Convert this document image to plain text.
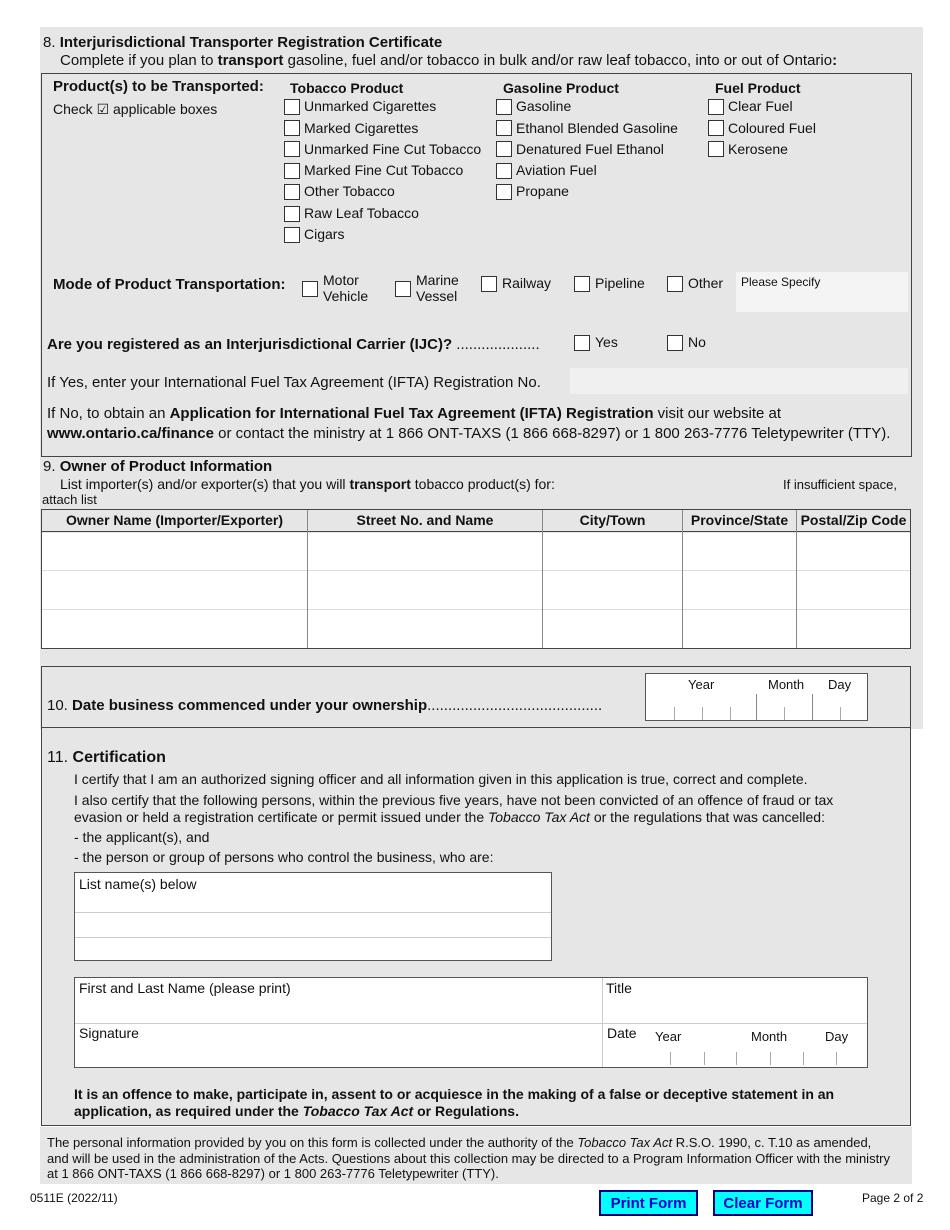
8. Interjurisdictional Transporter Registration Certificate
Complete if you plan to transport gasoline, fuel and/or tobacco in bulk and/or raw leaf tobacco, into or out of Ontario:
Product(s) to be Transported:
Check ☑ applicable boxes
Tobacco Product
Unmarked Cigarettes
Marked Cigarettes
Unmarked Fine Cut Tobacco
Marked Fine Cut Tobacco
Other Tobacco
Raw Leaf Tobacco
Cigars
Gasoline Product
Gasoline
Ethanol Blended Gasoline
Denatured Fuel Ethanol
Aviation Fuel
Propane
Fuel Product
Clear Fuel
Coloured Fuel
Kerosene
Mode of Product Transportation:	Motor
Vehicle
Marine
Vessel
Railway	Pipeline	Other Please Specify
Are you registered as an Interjurisdictional Carrier (IJC)? ....................	Yes	No
If Yes, enter your International Fuel Tax Agreement (IFTA) Registration No.
If No, to obtain an Application for International Fuel Tax Agreement (IFTA) Registration visit our website at
www.ontario.ca/finance or contact the ministry at 1 866 ONT-TAXS (1 866 668-8297) or 1 800 263-7776 Teletypewriter (TTY).
9. Owner of Product Information
List importer(s) and/or exporter(s) that you will transport tobacco product(s) for:	If insufficient space,
attach list
Owner Name (Importer/Exporter)	Street No. and Name	City/Town	Province/State Postal/Zip Code
10. Date business commenced under your ownership..........................................
Year	Month Day
11. Certification
I certify that I am an authorized signing officer and all information given in this application is true, correct and complete.
I also certify that the following persons, within the previous five years, have not been convicted of an offence of fraud or tax
evasion or held a registration certificate or permit issued under the Tobacco Tax Act or the regulations that was cancelled:
- the applicant(s), and
- the person or group of persons who control the business, who are:
List name(s) below
First and Last Name (please print)	Title
Signature	Date Year	Month	Day
It is an offence to make, participate in, assent to or acquiesce in the making of a false or deceptive statement in an
application, as required under the Tobacco Tax Act or Regulations.
The personal information provided by you on this form is collected under the authority of the Tobacco Tax Act R.S.O. 1990, c. T.10 as amended,
and will be used in the administration of the Acts. Questions about this collection may be directed to a Program Information Officer with the ministry
at 1 866 ONT-TAXS (1 866 668-8297) or 1 800 263-7776 Teletypewriter (TTY).
0511E (2022/11)	Print Form	Clear Form	Page 2 of 2
